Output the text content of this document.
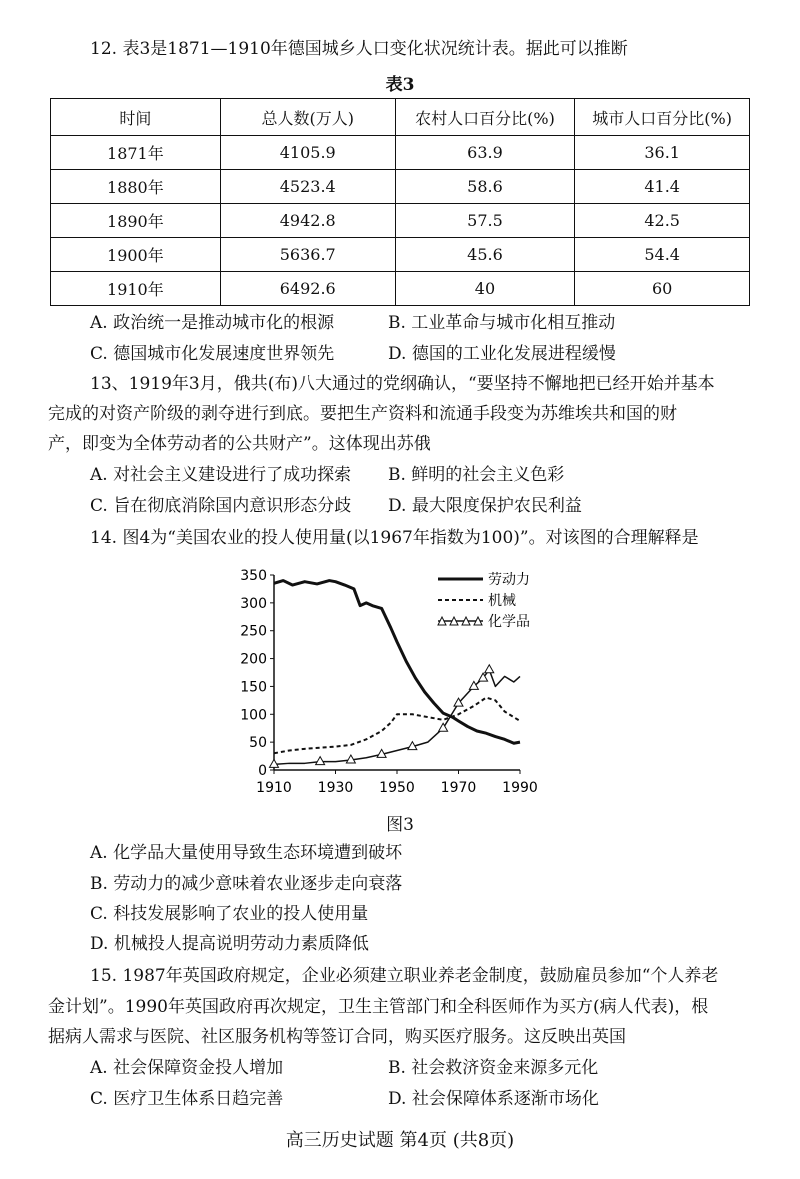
12. 表3是1871—1910年德国城乡人口变化状况统计表。据此可以推断
表3
时间	总人数(万人)	农村人口百分比(%)	城市人口百分比(%)
1871年	4105.9	63.9	36.1
1880年	4523.4	58.6	41.4
1890年	4942.8	57.5	42.5
1900年	5636.7	45.6	54.4
1910年	6492.6	40	60
A. 政治统一是推动城市化的根源	B. 工业革命与城市化相互推动
C. 德国城市化发展速度世界领先	D. 德国的工业化发展进程缓慢
13、1919年3月，俄共(布)八大通过的党纲确认，“要坚持不懈地把已经开始并基本
完成的对资产阶级的剥夺进行到底。要把生产资料和流通手段变为苏维埃共和国的财
产，即变为全体劳动者的公共财产”。这体现出苏俄
A. 对社会主义建设进行了成功探索 B. 鲜明的社会主义色彩
C. 旨在彻底消除国内意识形态分歧 D. 最大限度保护农民利益
14. 图4为“美国农业的投人使用量(以1967年指数为100)”。对该图的合理解释是
0
50
100
150
200
250
300
350
1910 1930 1950 1970 1990
劳动力
机械
化学品
图3
A. 化学品大量使用导致生态环境遭到破坏
B. 劳动力的减少意味着农业逐步走向衰落
C. 科技发展影响了农业的投人使用量
D. 机械投人提高说明劳动力素质降低
15. 1987年英国政府规定，企业必须建立职业养老金制度，鼓励雇员参加“个人养老
金计划”。1990年英国政府再次规定，卫生主管部门和全科医师作为买方(病人代表)，根
据病人需求与医院、社区服务机构等签订合同，购买医疗服务。这反映出英国
A. 社会保障资金投人增加	B. 社会救济资金来源多元化
C. 医疗卫生体系日趋完善	D. 社会保障体系逐渐市场化
高三历史试题 第4页 (共8页)
